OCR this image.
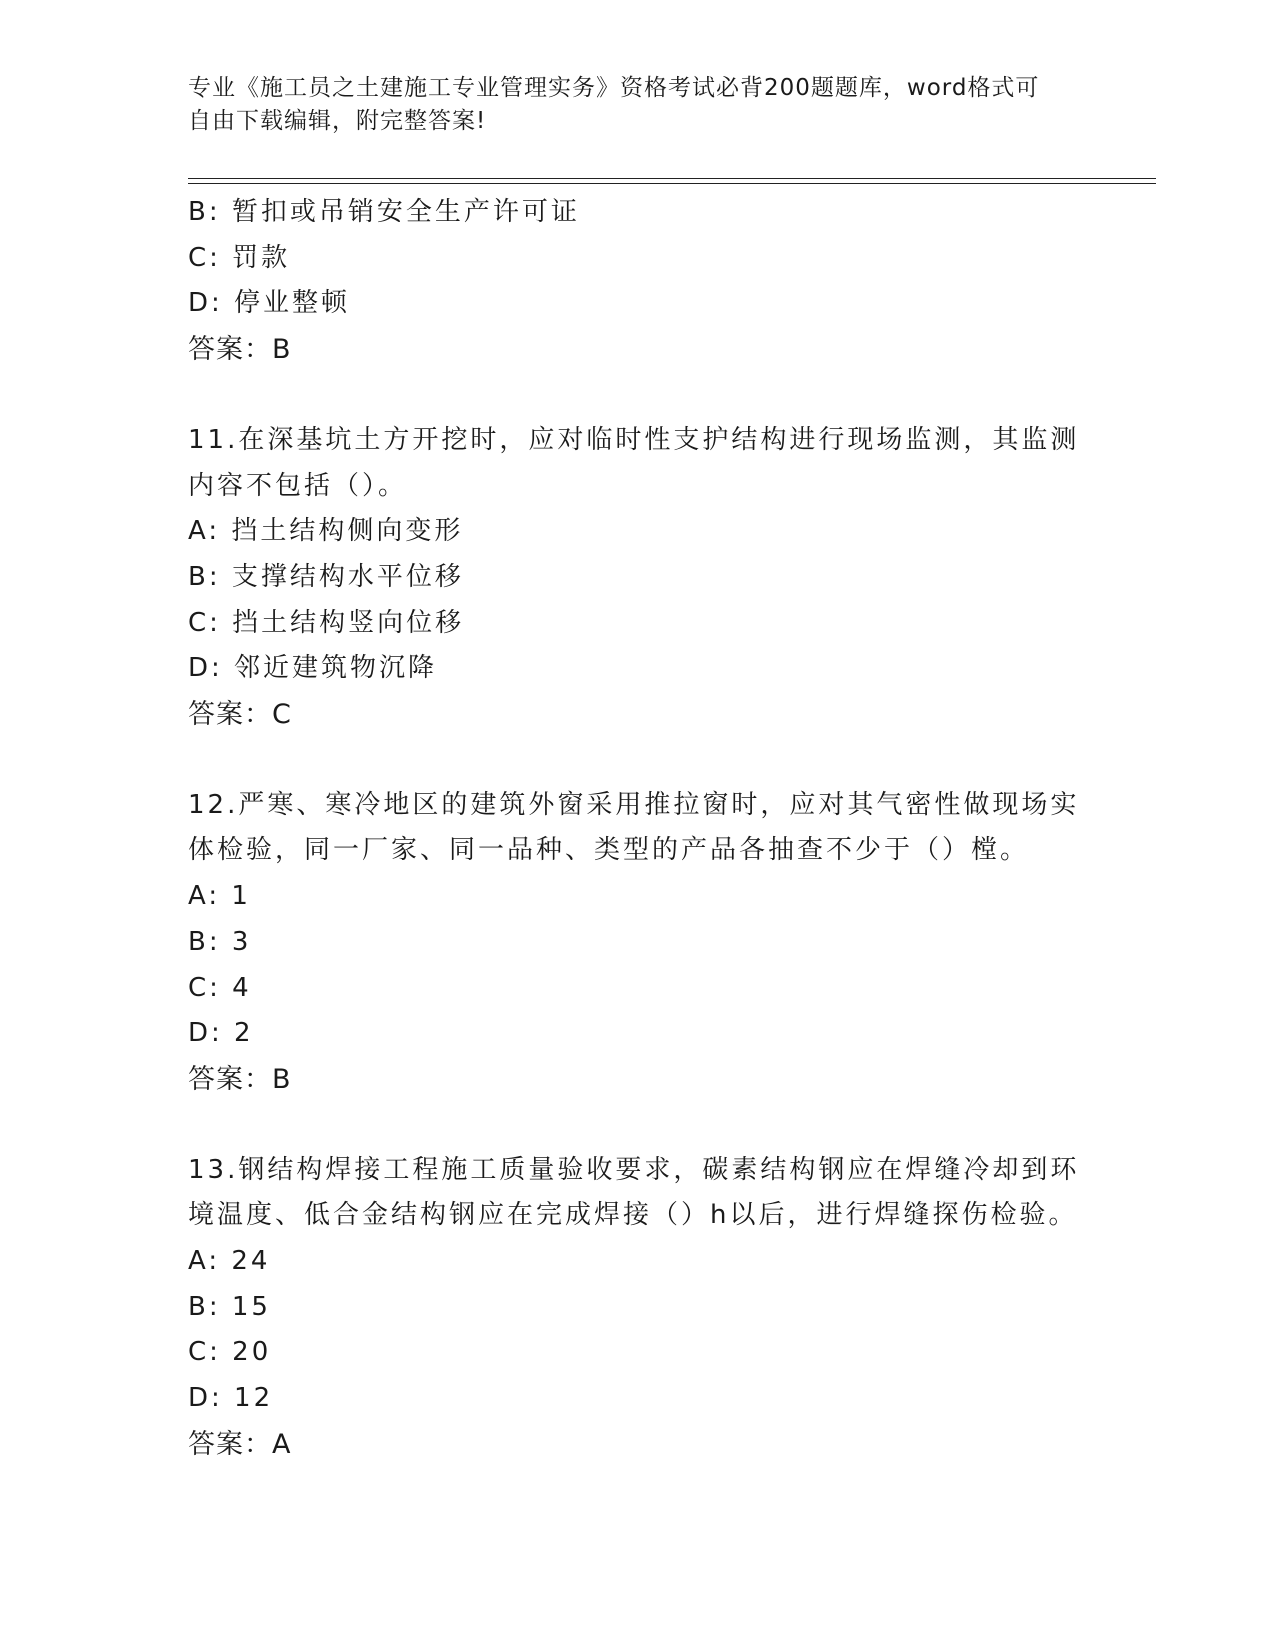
专业《施工员之土建施工专业管理实务》资格考试必背200题题库，word格式可
自由下载编辑，附完整答案!
B: 暂扣或吊销安全生产许可证
C: 罚款
D: 停业整顿
答案：B
11.在深基坑土方开挖时，应对临时性支护结构进行现场监测，其监测
内容不包括（）。
A: 挡土结构侧向变形
B: 支撑结构水平位移
C: 挡土结构竖向位移
D: 邻近建筑物沉降
答案：C
12.严寒、寒冷地区的建筑外窗采用推拉窗时，应对其气密性做现场实
体检验，同一厂家、同一品种、类型的产品各抽查不少于（）樘。
A: 1
B: 3
C: 4
D: 2
答案：B
13.钢结构焊接工程施工质量验收要求，碳素结构钢应在焊缝冷却到环
境温度、低合金结构钢应在完成焊接（）h以后，进行焊缝探伤检验。
A: 24
B: 15
C: 20
D: 12
答案：A
